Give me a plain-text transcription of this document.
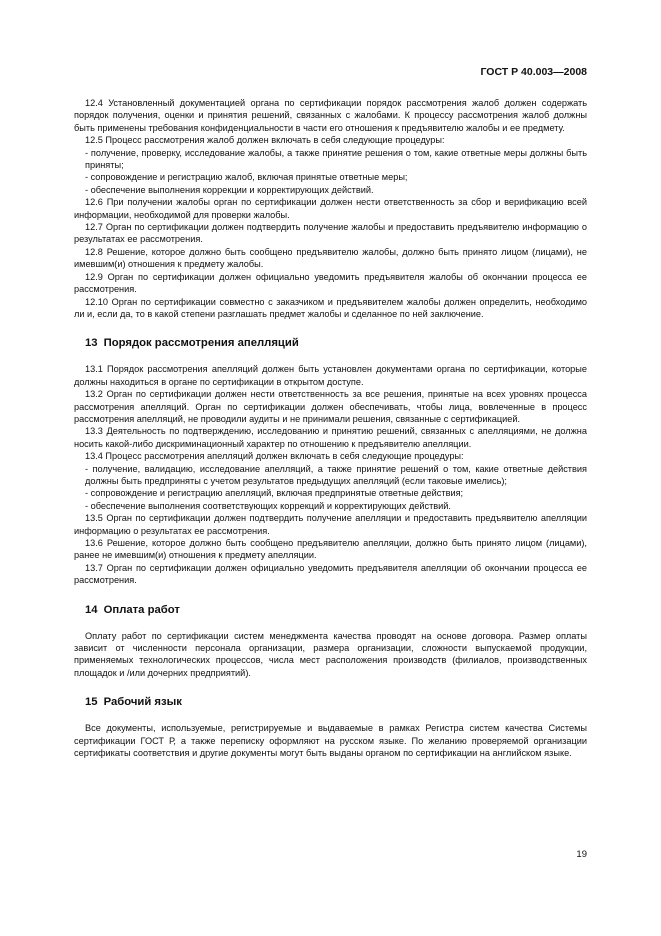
ГОСТ Р 40.003—2008

12.4 Установленный документацией органа по сертификации порядок рассмотрения жалоб должен содержать порядок получения, оценки и принятия решений, связанных с жалобами. К процессу рассмотрения жалоб должны быть применены требования конфиденциальности в части его отношения к предъявителю жалобы и ее предмету.

12.5 Процесс рассмотрения жалоб должен включать в себя следующие процедуры:

- получение, проверку, исследование жалобы, а также принятие решения о том, какие ответные меры должны быть приняты;

- сопровождение и регистрацию жалоб, включая принятые ответные меры;

- обеспечение выполнения коррекции и корректирующих действий.

12.6 При получении жалобы орган по сертификации должен нести ответственность за сбор и верификацию всей информации, необходимой для проверки жалобы.

12.7 Орган по сертификации должен подтвердить получение жалобы и предоставить предъявителю информацию о результатах ее рассмотрения.

12.8 Решение, которое должно быть сообщено предъявителю жалобы, должно быть принято лицом (лицами), не имевшим(и) отношения к предмету жалобы.

12.9 Орган по сертификации должен официально уведомить предъявителя жалобы об окончании процесса ее рассмотрения.

12.10 Орган по сертификации совместно с заказчиком и предъявителем жалобы должен определить, необходимо ли и, если да, то в какой степени разглашать предмет жалобы и сделанное по ней заключение.

13 Порядок рассмотрения апелляций

13.1 Порядок рассмотрения апелляций должен быть установлен документами органа по сертификации, которые должны находиться в органе по сертификации в открытом доступе.

13.2 Орган по сертификации должен нести ответственность за все решения, принятые на всех уровнях процесса рассмотрения апелляций. Орган по сертификации должен обеспечивать, чтобы лица, вовлеченные в процесс рассмотрения апелляций, не проводили аудиты и не принимали решения, связанные с сертификацией.

13.3 Деятельность по подтверждению, исследованию и принятию решений, связанных с апелляциями, не должна носить какой-либо дискриминационный характер по отношению к предъявителю апелляции.

13.4 Процесс рассмотрения апелляций должен включать в себя следующие процедуры:

- получение, валидацию, исследование апелляций, а также принятие решений о том, какие ответные действия должны быть предприняты с учетом результатов предыдущих апелляций (если таковые имелись);

- сопровождение и регистрацию апелляций, включая предпринятые ответные действия;

- обеспечение выполнения соответствующих коррекций и корректирующих действий.

13.5 Орган по сертификации должен подтвердить получение апелляции и предоставить предъявителю апелляции информацию о результатах ее рассмотрения.

13.6 Решение, которое должно быть сообщено предъявителю апелляции, должно быть принято лицом (лицами), ранее не имевшим(и) отношения к предмету апелляции.

13.7 Орган по сертификации должен официально уведомить предъявителя апелляции об окончании процесса ее рассмотрения.

14 Оплата работ

Оплату работ по сертификации систем менеджмента качества проводят на основе договора. Размер оплаты зависит от численности персонала организации, размера организации, сложности выпускаемой продукции, применяемых технологических процессов, числа мест расположения производств (филиалов, производственных площадок и /или дочерних предприятий).

15 Рабочий язык

Все документы, используемые, регистрируемые и выдаваемые в рамках Регистра систем качества Системы сертификации ГОСТ Р, а также переписку оформляют на русском языке. По желанию проверяемой организации сертификаты соответствия и другие документы могут быть выданы органом по сертификации на английском языке.

19
